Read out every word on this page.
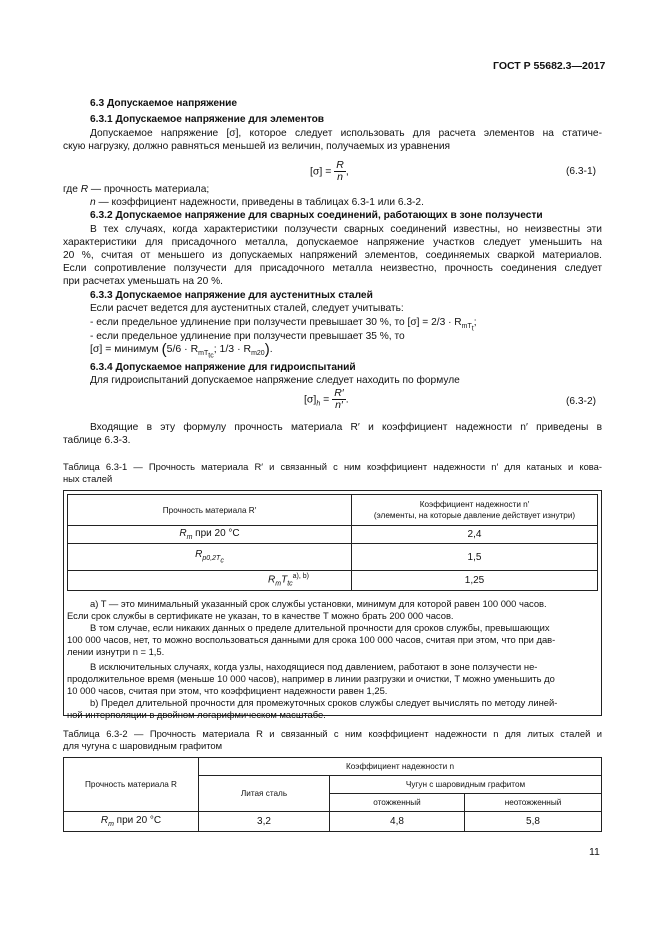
ГОСТ Р 55682.3—2017
6.3 Допускаемое напряжение
6.3.1 Допускаемое напряжение для элементов
Допускаемое напряжение [σ], которое следует использовать для расчета элементов на статиче-
скую нагрузку, должно равняться меньшей из величин, получаемых из уравнения
$[\sigma] = \frac{R}{n}$ ,	(6.3-1)
где R — прочность материала;
n — коэффициент надежности, приведены в таблицах 6.3-1 или 6.3-2.
6.3.2 Допускаемое напряжение для сварных соединений, работающих в зоне ползучести
В тех случаях, когда характеристики ползучести сварных соединений известны, но неизвестны эти
характеристики для присадочного металла, допускаемое напряжение участков следует уменьшить на
20 %, считая от меньшего из допускаемых напряжений элементов, соединяемых сваркой материалов.
Если сопротивление ползучести для присадочного металла неизвестно, прочность соединения следует
при расчетах уменьшать на 20 %.
6.3.3 Допускаемое напряжение для аустенитных сталей
Если расчет ведется для аустенитных сталей, следует учитывать:
- если предельное удлинение при ползучести превышает 30 %, то $[\sigma] = 2/3 \cdot R_{mT_t}$;
- если предельное удлинение при ползучести превышает 35 %, то
[σ] = минимум ($5/6 \cdot R_{mT_{tc}}$; $1/3 \cdot R_{m20}$).
6.3.4 Допускаемое напряжение для гидроиспытаний
Для гидроиспытаний допускаемое напряжение следует находить по формуле
$[\sigma]_h = \frac{R'}{n'}$ .	(6.3-2)
Входящие в эту формулу прочность материала R′ и коэффициент надежности n′ приведены в
таблице 6.3-3.
Таблица 6.3-1 — Прочность материала R′ и связанный с ним коэффициент надежности n′ для катаных и кова-
ных сталей
Прочность материала R′	Коэффициент надежности n′
(элементы, на которые давление действует изнутри)

$R_m$ при 20 °C	2,4
$R_{p0,2T_c}$	1,5
$R_mT_{tc}^{a), b)}$	1,25
a) T — это минимальный указанный срок службы установки, минимум для которой равен 100 000 часов.
Если срок службы в сертификате не указан, то в качестве T можно брать 200 000 часов.
В том случае, если никаких данных о пределе длительной прочности для сроков службы, превышающих
100 000 часов, нет, то можно воспользоваться данными для срока 100 000 часов, считая при этом, что при дав-
лении изнутри n = 1,5.
В исключительных случаях, когда узлы, находящиеся под давлением, работают в зоне ползучести не-
продолжительное время (меньше 10 000 часов), например в линии разгрузки и очистки, T можно уменьшить до
10 000 часов, считая при этом, что коэффициент надежности равен 1,25.
b) Предел длительной прочности для промежуточных сроков службы следует вычислять по методу линей-
ной интерполяции в двойном логарифмическом масштабе.
Таблица 6.3-2 — Прочность материала R и связанный с ним коэффициент надежности n для литых сталей и
для чугуна с шаровидным графитом
Прочность материала R	Коэффициент надежности n		
	Литая сталь	Чугун с шаровидным графитом	
		отожженный	неотожженный
$R_m$ при 20 °C	3,2	4,8	5,8
11
